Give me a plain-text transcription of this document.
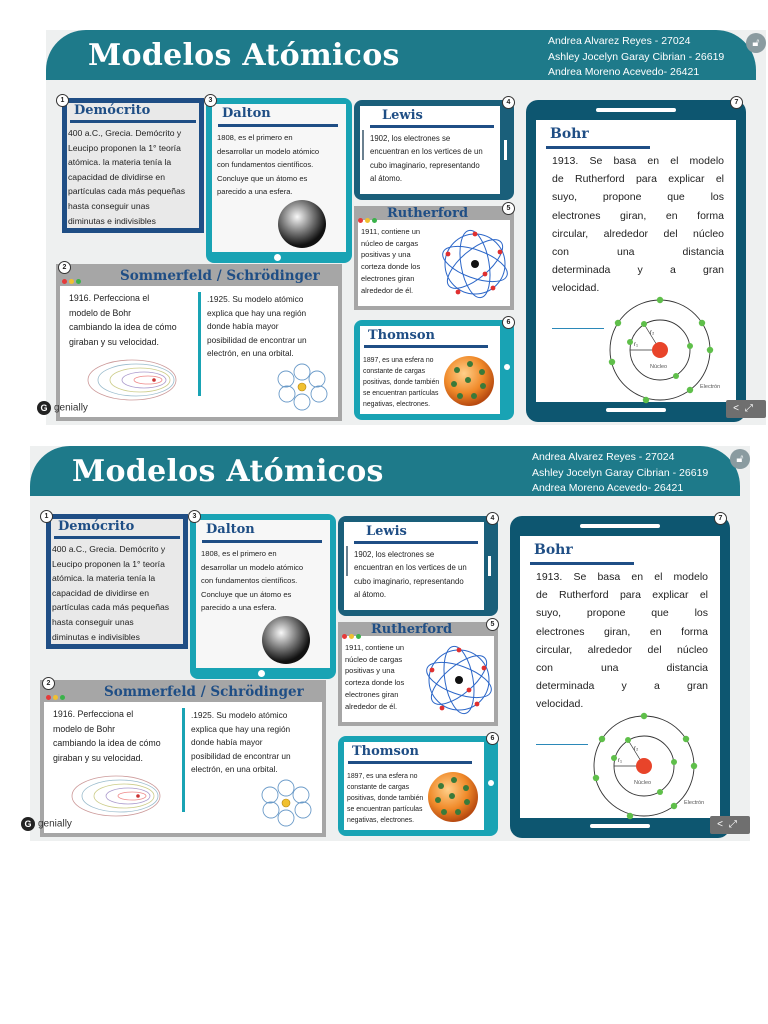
Modelos Atómicos	Andrea Alvarez Reyes - 27024
Ashley Jocelyn Garay Cibrian - 26619
Andrea Moreno Acevedo- 26421
Demócrito
400 a.C., Grecia. Demócrito y
Leucipo proponen la 1° teoría
atómica. la materia tenía la
capacidad de dividirse en
partículas cada más pequeñas
hasta conseguir unas
diminutas e indivisibles
1
Dalton
1808, es el primero en
desarrollar un modelo atómico
con fundamentos científicos.
Concluye que un átomo es
parecido a una esfera.
3
Lewis
1902, los electrones se
encuentran en los vertices de un
cubo imaginario, representando
al átomo.
4
Rutherford
1911, contiene un
núcleo de cargas
positivas y una
corteza donde los
electrones giran
alrededor de él.
5
Thomson
1897, es una esfera no
constante de cargas
positivas, donde también
se encuentran partículas
negativas, electrones.
6
Sommerfeld / Schrödinger
1916. Perfecciona el
modelo de Bohr
cambiando la idea de cómo
giraban y su velocidad.
.1925. Su modelo atómico
explica que hay una región
donde había mayor
posibilidad de encontrar un
electrón, en una orbital.
2
Bohr
1913. Se basa en el modelo
de Rutherford para explicar el
suyo, propone que los
electrones giran, en forma
circular, alrededor del núcleo
con una distancia
determinada y a gran
velocidad.
r₁
r₂
Núcleo
Electrón
7
<⤢
G genially
🔓︎
Modelos Atómicos	Andrea Alvarez Reyes - 27024
Ashley Jocelyn Garay Cibrian - 26619
Andrea Moreno Acevedo- 26421
Demócrito
400 a.C., Grecia. Demócrito y
Leucipo proponen la 1° teoría
atómica. la materia tenía la
capacidad de dividirse en
partículas cada más pequeñas
hasta conseguir unas
diminutas e indivisibles
1
Dalton
1808, es el primero en
desarrollar un modelo atómico
con fundamentos científicos.
Concluye que un átomo es
parecido a una esfera.
3
Lewis
1902, los electrones se
encuentran en los vertices de un
cubo imaginario, representando
al átomo.
4
Rutherford
1911, contiene un
núcleo de cargas
positivas y una
corteza donde los
electrones giran
alrededor de él.
5
Thomson
1897, es una esfera no
constante de cargas
positivas, donde también
se encuentran partículas
negativas, electrones.
6
Sommerfeld / Schrödinger
1916. Perfecciona el
modelo de Bohr
cambiando la idea de cómo
giraban y su velocidad.
.1925. Su modelo atómico
explica que hay una región
donde había mayor
posibilidad de encontrar un
electrón, en una orbital.
2
Bohr
1913. Se basa en el modelo
de Rutherford para explicar el
suyo, propone que los
electrones giran, en forma
circular, alrededor del núcleo
con una distancia
determinada y a gran
velocidad.
r₁
r₂
Núcleo
Electrón
7
<⤢
G genially
🔓︎
